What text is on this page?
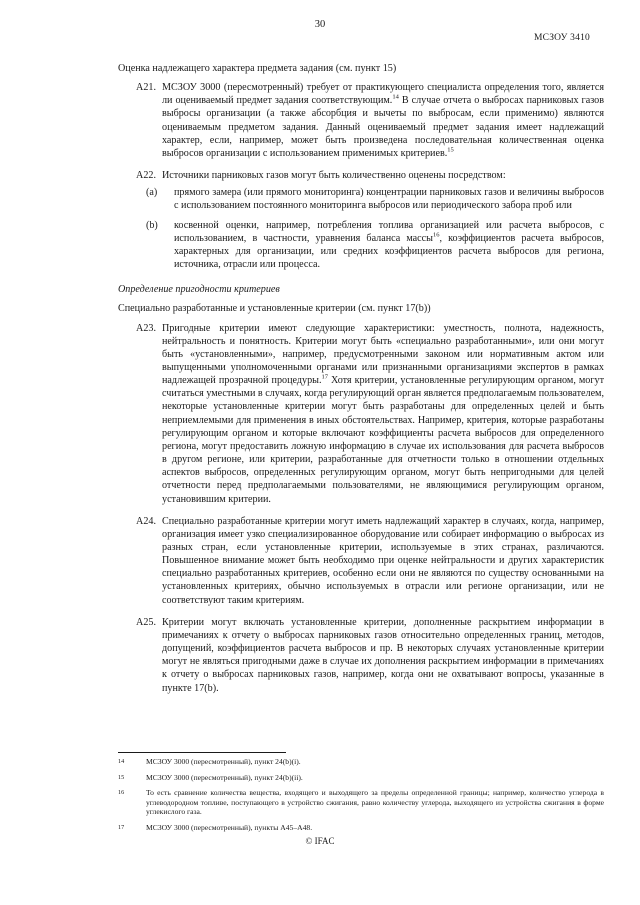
30
МСЗОУ 3410
Оценка надлежащего характера предмета задания (см. пункт 15)
A21. МСЗОУ 3000 (пересмотренный) требует от практикующего специалиста определения того, является ли оцениваемый предмет задания соответствующим.$^{14}$ В случае отчета о выбросах парниковых газов выбросы организации (а также абсорбция и вычеты по выбросам, если применимо) являются оцениваемым предметом задания. Данный оцениваемый предмет задания имеет надлежащий характер, если, например, может быть произведена последовательная количественная оценка выбросов организации с использованием применимых критериев.$^{15}$
A22. Источники парниковых газов могут быть количественно оценены посредством:
(a)	прямого замера (или прямого мониторинга) концентрации парниковых газов и величины выбросов с использованием постоянного мониторинга выбросов или периодического забора проб или
(b)	косвенной оценки, например, потребления топлива организацией или расчета выбросов, с использованием, в частности, уравнения баланса массы$^{16}$, коэффициентов расчета выбросов, характерных для организации, или средних коэффициентов расчета выбросов для региона, источника, отрасли или процесса.
Определение пригодности критериев
Специально разработанные и установленные критерии (см. пункт 17(b))
A23. Пригодные критерии имеют следующие характеристики: уместность, полнота, надежность, нейтральность и понятность. Критерии могут быть «специально разработанными», или они могут быть «установленными», например, предусмотренными законом или нормативным актом или выпущенными уполномоченными органами или признанными организациями экспертов в рамках надлежащей прозрачной процедуры.$^{17}$ Хотя критерии, установленные регулирующим органом, могут считаться уместными в случаях, когда регулирующий орган является предполагаемым пользователем, некоторые установленные критерии могут быть разработаны для определенных целей и быть неприемлемыми для применения в иных обстоятельствах. Например, критерия, которые разработаны регулирующим органом и которые включают коэффициенты расчета выбросов для определенного региона, могут предоставить ложную информацию в случае их использования для расчета выбросов в другом регионе, или критерии, разработанные для отчетности только в отношении отдельных аспектов выбросов, определенных регулирующим органом, могут быть непригодными для целей отчетности перед предполагаемыми пользователями, не являющимися регулирующим органом, установившим критерии.
A24. Специально разработанные критерии могут иметь надлежащий характер в случаях, когда, например, организация имеет узко специализированное оборудование или собирает информацию о выбросах из разных стран, если установленные критерии, используемые в этих странах, различаются. Повышенное внимание может быть необходимо при оценке нейтральности и других характеристик специально разработанных критериев, особенно если они не являются по существу основанными на установленных критериях, обычно используемых в отрасли или регионе организации, или не соответствуют таким критериям.
A25. Критерии могут включать установленные критерии, дополненные раскрытием информации в примечаниях к отчету о выбросах парниковых газов относительно определенных границ, методов, допущений, коэффициентов расчета выбросов и пр. В некоторых случаях установленные критерии могут не являться пригодными даже в случае их дополнения раскрытием информации в примечаниях к отчету о выбросах парниковых газов, например, когда они не охватывают вопросы, указанные в пункте 17(b).
14	МСЗОУ 3000 (пересмотренный), пункт 24(b)(i).
15	МСЗОУ 3000 (пересмотренный), пункт 24(b)(ii).
16	То есть сравнение количества вещества, входящего и выходящего за пределы определенной границы; например, количество углерода в углеводородном топливе, поступающего в устройство сжигания, равно количеству углерода, выходящего из устройства сжигания в форме углекислого газа.
17	МСЗОУ 3000 (пересмотренный), пункты А45–А48.
© IFAC
